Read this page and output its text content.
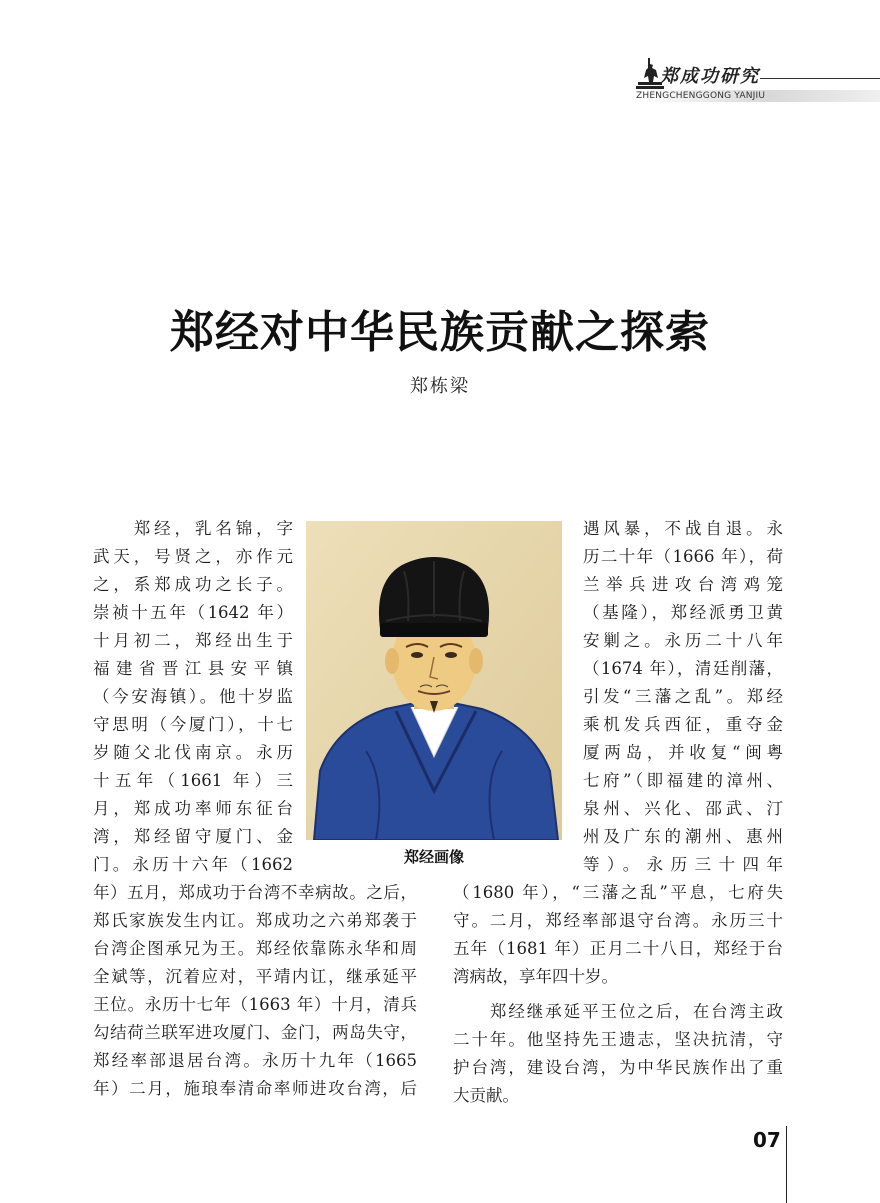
郑成功研究
ZHENGCHENGGONG YANJIU
郑经对中华民族贡献之探索
郑栋梁
郑经画像
　　郑经，乳名锦，字
武天，号贤之，亦作元
之，系郑成功之长子。
崇祯十五年（1642 年）
十月初二，郑经出生于
福建省晋江县安平镇
（今安海镇）。他十岁监
守思明（今厦门），十七
岁随父北伐南京。永历
十五年（1661 年）三
月，郑成功率师东征台
湾，郑经留守厦门、金
门。永历十六年（1662
年）五月，郑成功于台湾不幸病故。之后，
郑氏家族发生内讧。郑成功之六弟郑袭于
台湾企图承兄为王。郑经依靠陈永华和周
全斌等，沉着应对，平靖内讧，继承延平
王位。永历十七年（1663 年）十月，清兵
勾结荷兰联军进攻厦门、金门，两岛失守，
郑经率部退居台湾。永历十九年（1665
年）二月，施琅奉清命率师进攻台湾，后
遇风暴，不战自退。永
历二十年（1666 年），荷
兰举兵进攻台湾鸡笼
（基隆），郑经派勇卫黄
安剿之。永历二十八年
（1674 年），清廷削藩，
引发“三藩之乱”。郑经
乘机发兵西征，重夺金
厦两岛，并收复“闽粤
七府”（即福建的漳州、
泉州、兴化、邵武、汀
州及广东的潮州、惠州
等）。永历三十四年
（1680 年），“三藩之乱”平息，七府失
守。二月，郑经率部退守台湾。永历三十
五年（1681 年）正月二十八日，郑经于台
湾病故，享年四十岁。
　　郑经继承延平王位之后，在台湾主政
二十年。他坚持先王遗志，坚决抗清，守
护台湾，建设台湾，为中华民族作出了重
大贡献。
07
